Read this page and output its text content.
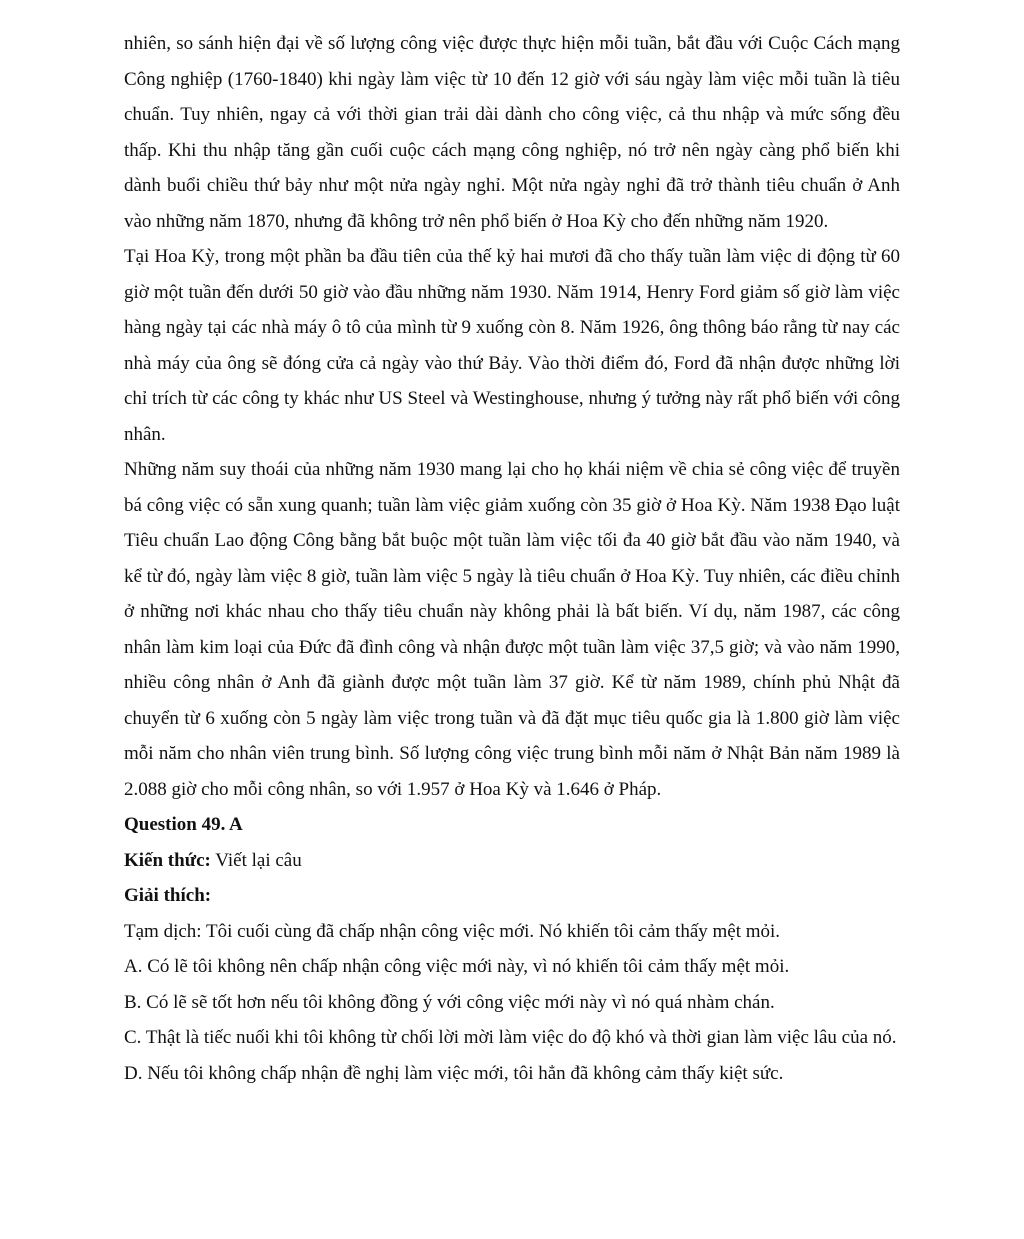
nhiên, so sánh hiện đại về số lượng công việc được thực hiện mỗi tuần, bắt đầu với Cuộc Cách mạng Công nghiệp (1760-1840) khi ngày làm việc từ 10 đến 12 giờ với sáu ngày làm việc mỗi tuần là tiêu chuẩn. Tuy nhiên, ngay cả với thời gian trải dài dành cho công việc, cả thu nhập và mức sống đều thấp. Khi thu nhập tăng gần cuối cuộc cách mạng công nghiệp, nó trở nên ngày càng phổ biến khi dành buổi chiều thứ bảy như một nửa ngày nghỉ. Một nửa ngày nghỉ đã trở thành tiêu chuẩn ở Anh vào những năm 1870, nhưng đã không trở nên phổ biến ở Hoa Kỳ cho đến những năm 1920.

Tại Hoa Kỳ, trong một phần ba đầu tiên của thế kỷ hai mươi đã cho thấy tuần làm việc di động từ 60 giờ một tuần đến dưới 50 giờ vào đầu những năm 1930. Năm 1914, Henry Ford giảm số giờ làm việc hàng ngày tại các nhà máy ô tô của mình từ 9 xuống còn 8. Năm 1926, ông thông báo rằng từ nay các nhà máy của ông sẽ đóng cửa cả ngày vào thứ Bảy. Vào thời điểm đó, Ford đã nhận được những lời chỉ trích từ các công ty khác như US Steel và Westinghouse, nhưng ý tưởng này rất phổ biến với công nhân.

Những năm suy thoái của những năm 1930 mang lại cho họ khái niệm về chia sẻ công việc để truyền bá công việc có sẵn xung quanh; tuần làm việc giảm xuống còn 35 giờ ở Hoa Kỳ. Năm 1938 Đạo luật Tiêu chuẩn Lao động Công bằng bắt buộc một tuần làm việc tối đa 40 giờ bắt đầu vào năm 1940, và kể từ đó, ngày làm việc 8 giờ, tuần làm việc 5 ngày là tiêu chuẩn ở Hoa Kỳ. Tuy nhiên, các điều chỉnh ở những nơi khác nhau cho thấy tiêu chuẩn này không phải là bất biến. Ví dụ, năm 1987, các công nhân làm kim loại của Đức đã đình công và nhận được một tuần làm việc 37,5 giờ; và vào năm 1990, nhiều công nhân ở Anh đã giành được một tuần làm 37 giờ. Kể từ năm 1989, chính phủ Nhật đã chuyển từ 6 xuống còn 5 ngày làm việc trong tuần và đã đặt mục tiêu quốc gia là 1.800 giờ làm việc mỗi năm cho nhân viên trung bình. Số lượng công việc trung bình mỗi năm ở Nhật Bản năm 1989 là 2.088 giờ cho mỗi công nhân, so với 1.957 ở Hoa Kỳ và 1.646 ở Pháp.

Question 49. A

Kiến thức: Viết lại câu

Giải thích:

Tạm dịch: Tôi cuối cùng đã chấp nhận công việc mới. Nó khiến tôi cảm thấy mệt mỏi.

A. Có lẽ tôi không nên chấp nhận công việc mới này, vì nó khiến tôi cảm thấy mệt mỏi.

B. Có lẽ sẽ tốt hơn nếu tôi không đồng ý với công việc mới này vì nó quá nhàm chán.

C. Thật là tiếc nuối khi tôi không từ chối lời mời làm việc do độ khó và thời gian làm việc lâu của nó.

D. Nếu tôi không chấp nhận đề nghị làm việc mới, tôi hẳn đã không cảm thấy kiệt sức.
